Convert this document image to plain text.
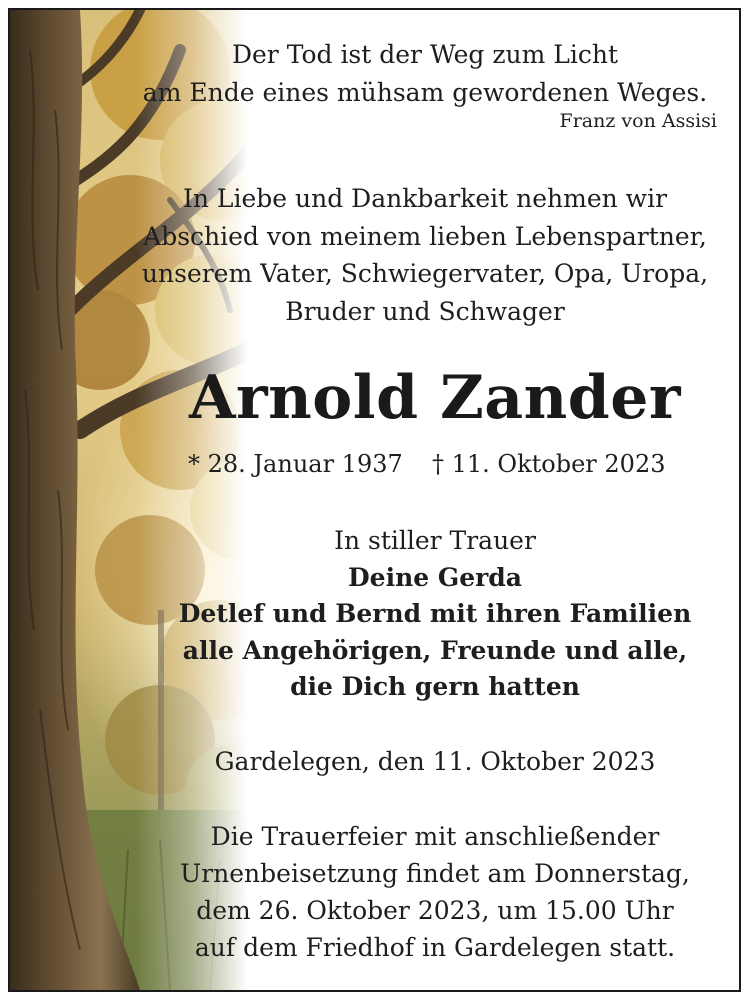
Der Tod ist der Weg zum Licht
am Ende eines mühsam gewordenen Weges.
Franz von Assisi
In Liebe und Dankbarkeit nehmen wir
Abschied von meinem lieben Lebenspartner,
unserem Vater, Schwiegervater, Opa, Uropa,
Bruder und Schwager
Arnold Zander
* 28. Januar 1937 † 11. Oktober 2023
In stiller Trauer
Deine Gerda
Detlef und Bernd mit ihren Familien
alle Angehörigen, Freunde und alle,
die Dich gern hatten
Gardelegen, den 11. Oktober 2023
Die Trauerfeier mit anschließender
Urnenbeisetzung findet am Donnerstag,
dem 26. Oktober 2023, um 15.00 Uhr
auf dem Friedhof in Gardelegen statt.
